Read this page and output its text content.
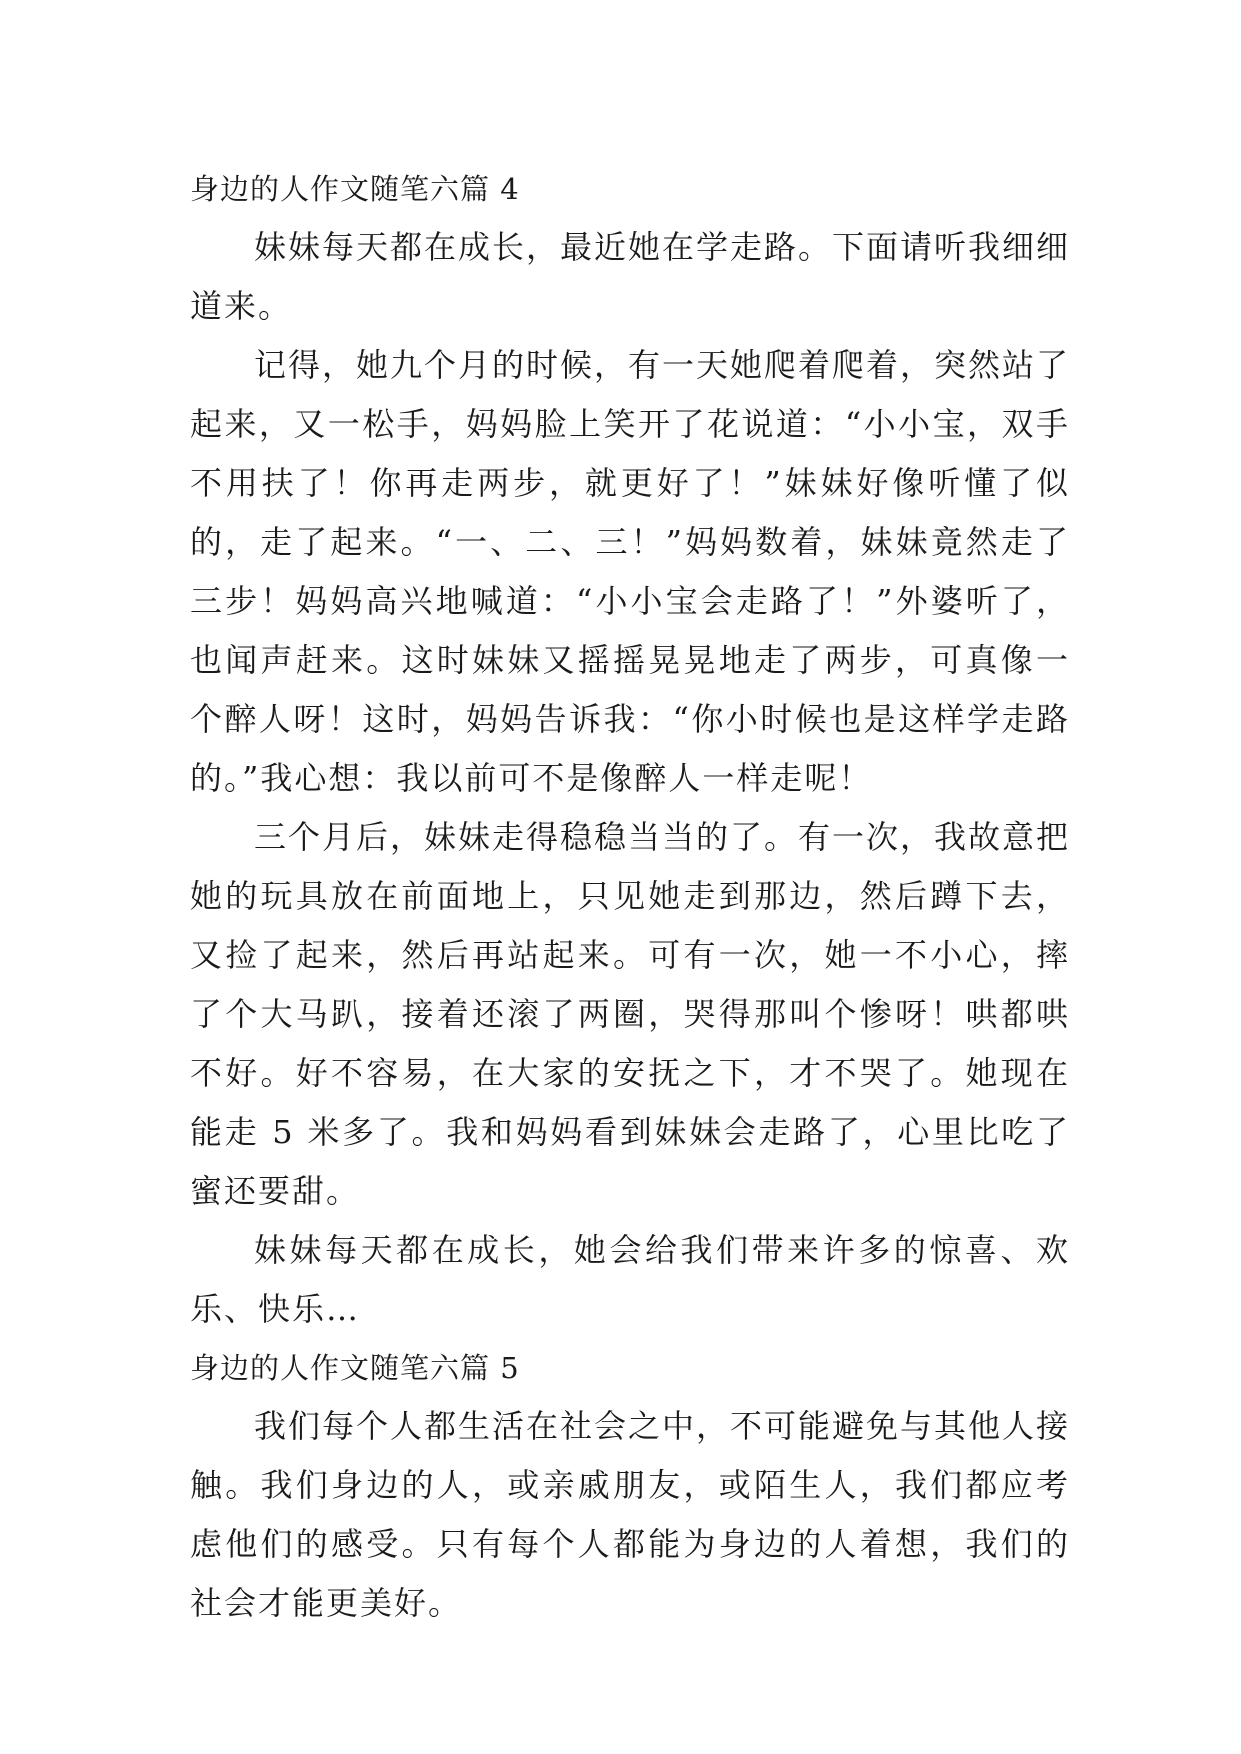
身边的人作文随笔六篇 4

妹妹每天都在成长，最近她在学走路。下面请听我细细道来。

记得，她九个月的时候，有一天她爬着爬着，突然站了起来，又一松手，妈妈脸上笑开了花说道：“小小宝，双手不用扶了！你再走两步，就更好了！”妹妹好像听懂了似的，走了起来。“一、二、三！”妈妈数着，妹妹竟然走了三步！妈妈高兴地喊道：“小小宝会走路了！”外婆听了，也闻声赶来。这时妹妹又摇摇晃晃地走了两步，可真像一个醉人呀！这时，妈妈告诉我：“你小时候也是这样学走路的。”我心想：我以前可不是像醉人一样走呢！

三个月后，妹妹走得稳稳当当的了。有一次，我故意把她的玩具放在前面地上，只见她走到那边，然后蹲下去，又捡了起来，然后再站起来。可有一次，她一不小心，摔了个大马趴，接着还滚了两圈，哭得那叫个惨呀！哄都哄不好。好不容易，在大家的安抚之下，才不哭了。她现在能走 5 米多了。我和妈妈看到妹妹会走路了，心里比吃了蜜还要甜。

妹妹每天都在成长，她会给我们带来许多的惊喜、欢乐、快乐…

身边的人作文随笔六篇 5

我们每个人都生活在社会之中，不可能避免与其他人接触。我们身边的人，或亲戚朋友，或陌生人，我们都应考虑他们的感受。只有每个人都能为身边的人着想，我们的社会才能更美好。
